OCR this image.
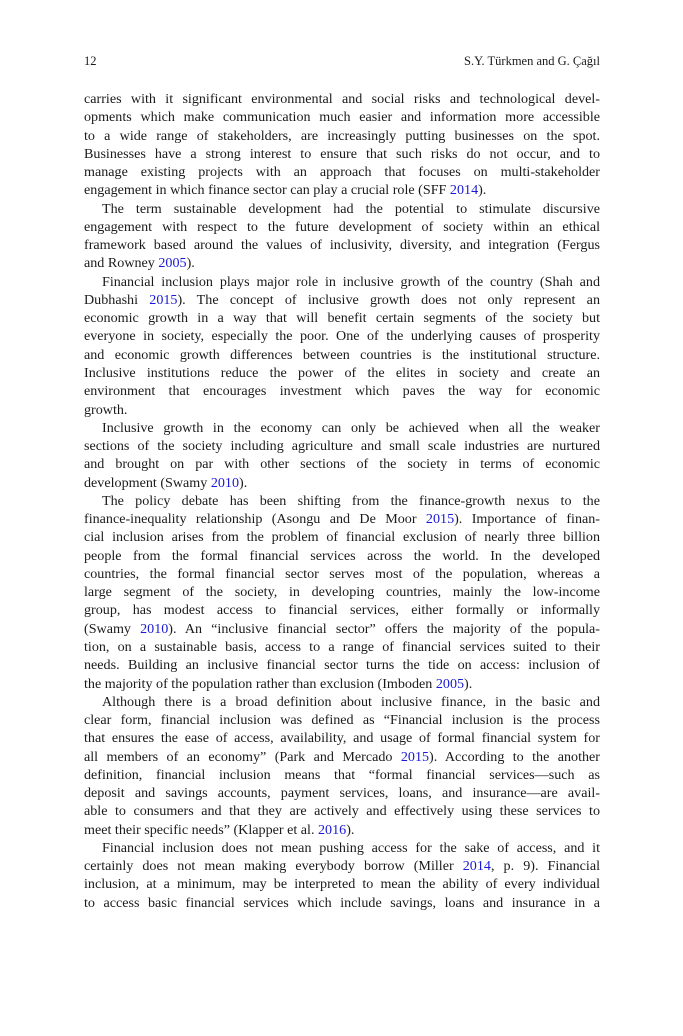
12	S.Y. Türkmen and G. Çağıl
carries with it significant environmental and social risks and technological devel-
opments which make communication much easier and information more accessible
to a wide range of stakeholders, are increasingly putting businesses on the spot.
Businesses have a strong interest to ensure that such risks do not occur, and to
manage existing projects with an approach that focuses on multi-stakeholder
engagement in which finance sector can play a crucial role (SFF 2014).
The term sustainable development had the potential to stimulate discursive
engagement with respect to the future development of society within an ethical
framework based around the values of inclusivity, diversity, and integration (Fergus
and Rowney 2005).
Financial inclusion plays major role in inclusive growth of the country (Shah and
Dubhashi 2015). The concept of inclusive growth does not only represent an
economic growth in a way that will benefit certain segments of the society but
everyone in society, especially the poor. One of the underlying causes of prosperity
and economic growth differences between countries is the institutional structure.
Inclusive institutions reduce the power of the elites in society and create an
environment that encourages investment which paves the way for economic
growth.
Inclusive growth in the economy can only be achieved when all the weaker
sections of the society including agriculture and small scale industries are nurtured
and brought on par with other sections of the society in terms of economic
development (Swamy 2010).
The policy debate has been shifting from the finance-growth nexus to the
finance-inequality relationship (Asongu and De Moor 2015). Importance of finan-
cial inclusion arises from the problem of financial exclusion of nearly three billion
people from the formal financial services across the world. In the developed
countries, the formal financial sector serves most of the population, whereas a
large segment of the society, in developing countries, mainly the low-income
group, has modest access to financial services, either formally or informally
(Swamy 2010). An “inclusive financial sector” offers the majority of the popula-
tion, on a sustainable basis, access to a range of financial services suited to their
needs. Building an inclusive financial sector turns the tide on access: inclusion of
the majority of the population rather than exclusion (Imboden 2005).
Although there is a broad definition about inclusive finance, in the basic and
clear form, financial inclusion was defined as “Financial inclusion is the process
that ensures the ease of access, availability, and usage of formal financial system for
all members of an economy” (Park and Mercado 2015). According to the another
definition, financial inclusion means that “formal financial services—such as
deposit and savings accounts, payment services, loans, and insurance—are avail-
able to consumers and that they are actively and effectively using these services to
meet their specific needs” (Klapper et al. 2016).
Financial inclusion does not mean pushing access for the sake of access, and it
certainly does not mean making everybody borrow (Miller 2014, p. 9). Financial
inclusion, at a minimum, may be interpreted to mean the ability of every individual
to access basic financial services which include savings, loans and insurance in a
